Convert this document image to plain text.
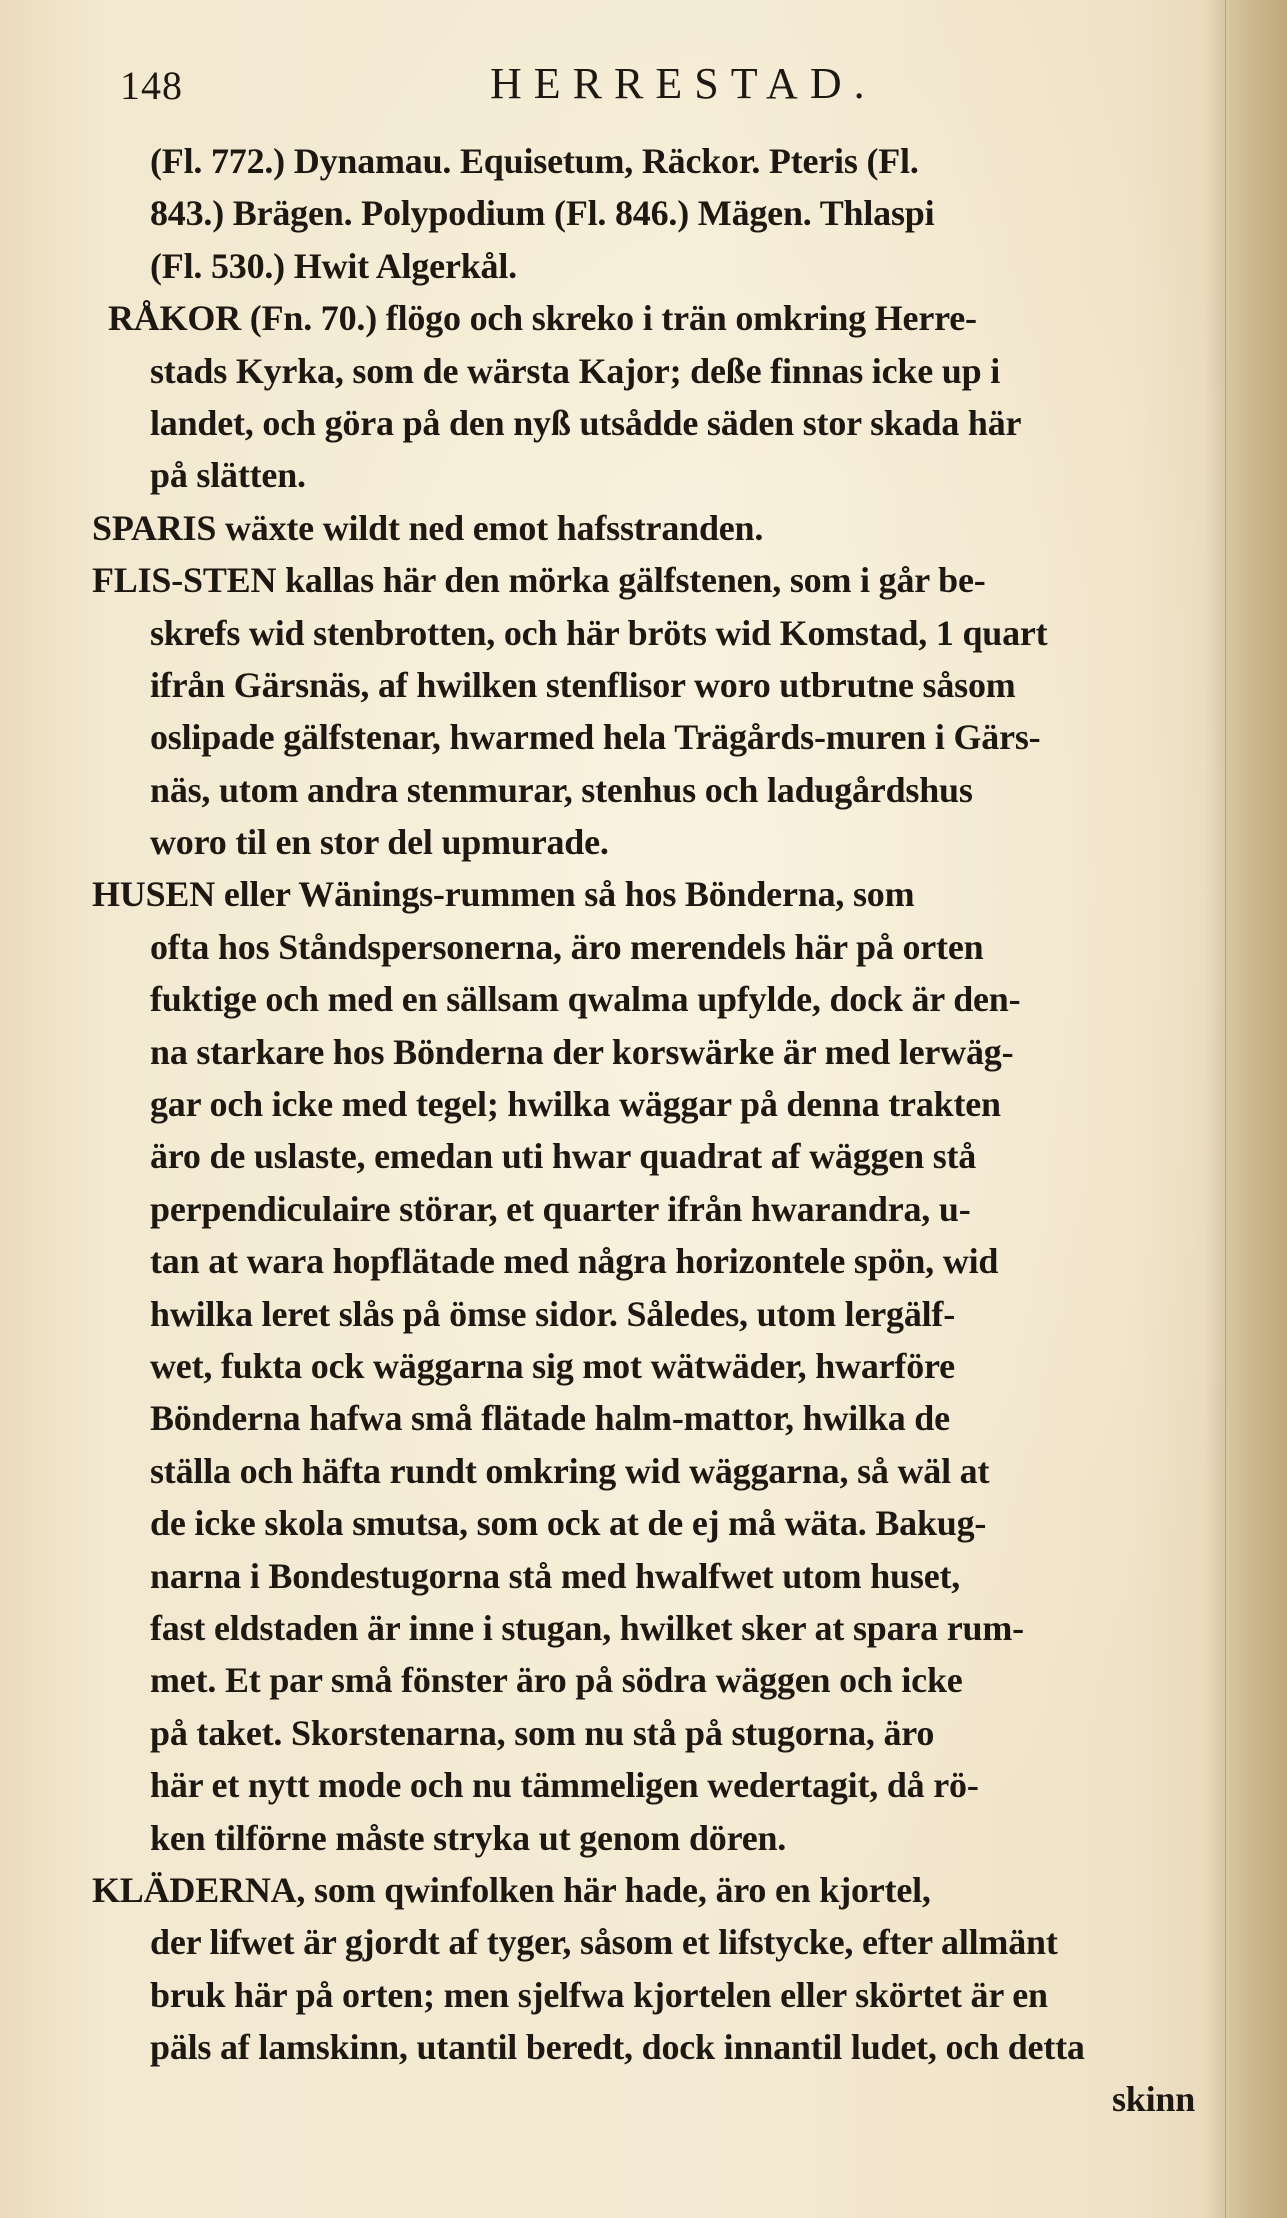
148	HERRESTAD.
(Fl. 772.) Dynamau. Equisetum, Räckor. Pteris (Fl.
843.) Brägen. Polypodium (Fl. 846.) Mägen. Thlaspi
(Fl. 530.) Hwit Algerkål.
RÅKOR (Fn. 70.) flögo och skreko i trän omkring Herre-
stads Kyrka, som de wärsta Kajor; deße finnas icke up i
landet, och göra på den nyß utsådde säden stor skada här
på slätten.
SPARIS wäxte wildt ned emot hafsstranden.
FLIS-STEN kallas här den mörka gälfstenen, som i går be-
skrefs wid stenbrotten, och här bröts wid Komstad, 1 quart
ifrån Gärsnäs, af hwilken stenflisor woro utbrutne såsom
oslipade gälfstenar, hwarmed hela Trägårds-muren i Gärs-
näs, utom andra stenmurar, stenhus och ladugårdshus
woro til en stor del upmurade.
HUSEN eller Wänings-rummen så hos Bönderna, som
ofta hos Ståndspersonerna, äro merendels här på orten
fuktige och med en sällsam qwalma upfylde, dock är den-
na starkare hos Bönderna der korswärke är med lerwäg-
gar och icke med tegel; hwilka wäggar på denna trakten
äro de uslaste, emedan uti hwar quadrat af wäggen stå
perpendiculaire störar, et quarter ifrån hwarandra, u-
tan at wara hopflätade med några horizontele spön, wid
hwilka leret slås på ömse sidor. Således, utom lergälf-
wet, fukta ock wäggarna sig mot wätwäder, hwarföre
Bönderna hafwa små flätade halm-mattor, hwilka de
ställa och häfta rundt omkring wid wäggarna, så wäl at
de icke skola smutsa, som ock at de ej må wäta. Bakug-
narna i Bondestugorna stå med hwalfwet utom huset,
fast eldstaden är inne i stugan, hwilket sker at spara rum-
met. Et par små fönster äro på södra wäggen och icke
på taket. Skorstenarna, som nu stå på stugorna, äro
här et nytt mode och nu tämmeligen wedertagit, då rö-
ken tilförne måste stryka ut genom dören.
KLÄDERNA, som qwinfolken här hade, äro en kjortel,
der lifwet är gjordt af tyger, såsom et lifstycke, efter allmänt
bruk här på orten; men sjelfwa kjortelen eller skörtet är en
päls af lamskinn, utantil beredt, dock innantil ludet, och detta
skinn
